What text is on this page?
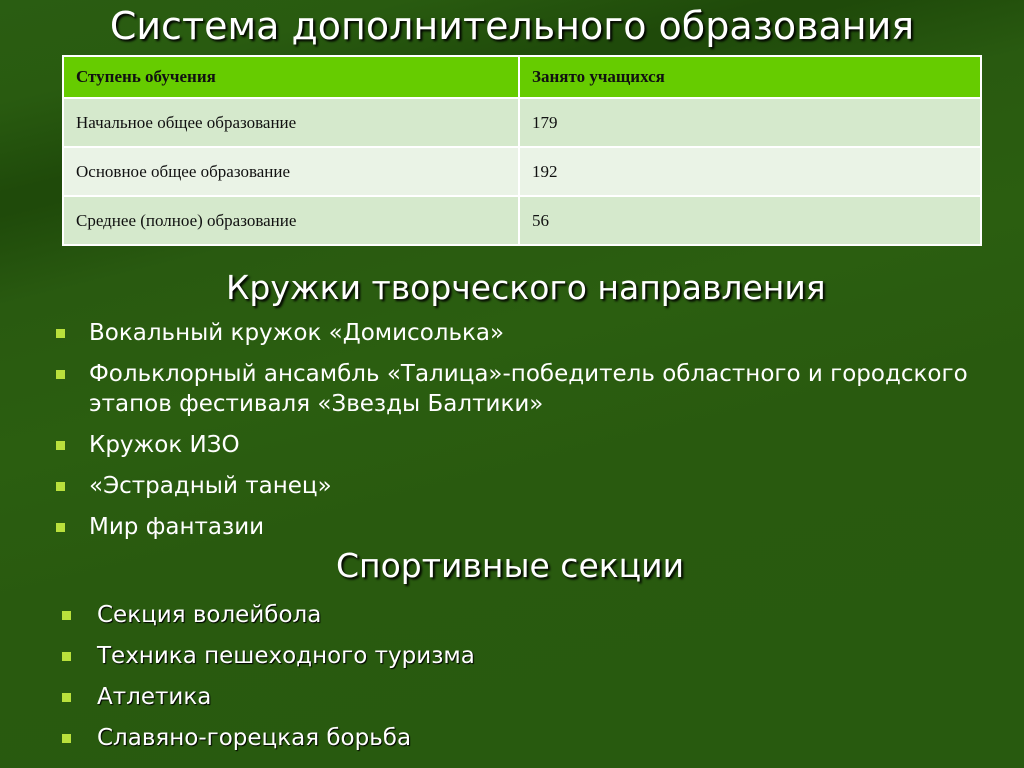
Система дополнительного образования
Ступень обучения	Занято учащихся
Начальное общее образование	179
Основное общее образование	192
Среднее (полное) образование	56
Кружки творческого направления
Вокальный кружок «Домисолька»
Фольклорный ансамбль «Талица»-победитель областного и городского этапов фестиваля «Звезды Балтики»
Кружок ИЗО
«Эстрадный танец»
Мир фантазии
Спортивные секции
Секция волейбола
Техника пешеходного туризма
Атлетика
Славяно-горецкая борьба
